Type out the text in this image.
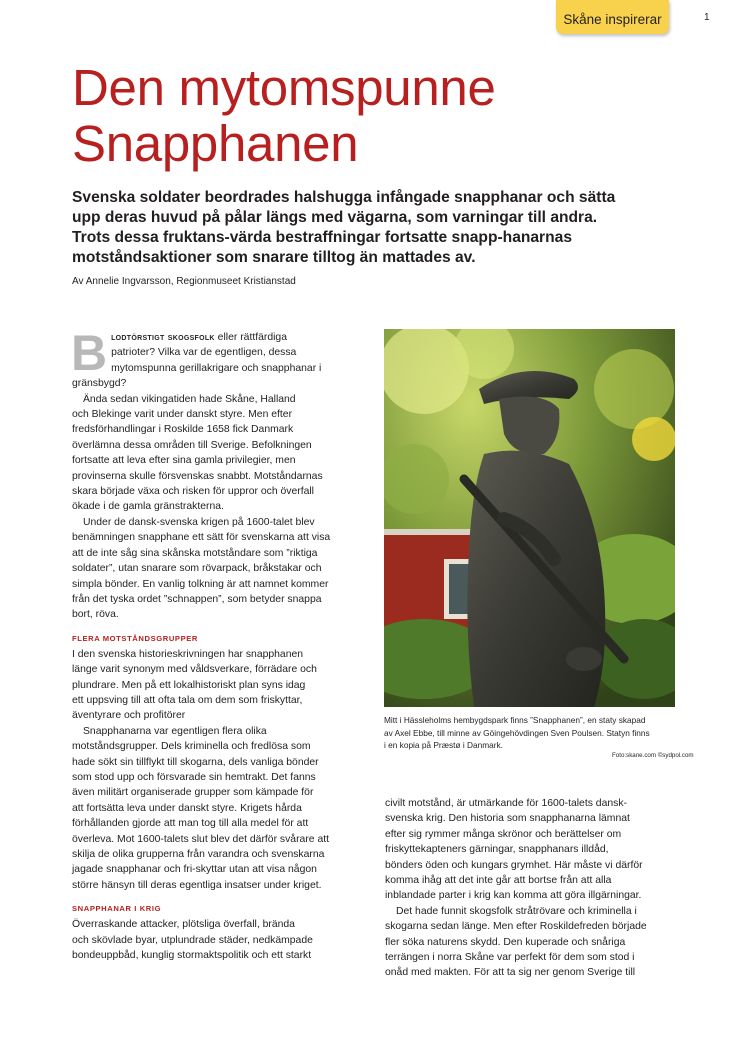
Skåne inspirerar	1
Den mytomspunne
Snapphanen

Svenska soldater beordrades halshugga infångade snapphanar och sätta
upp deras huvud på pålar längs med vägarna, som varningar till andra.
Trots dessa fruktans-värda bestraffningar fortsatte snapp-hanarnas
motståndsaktioner som snarare tilltog än mattades av.

Av Annelie Ingvarsson, Regionmuseet Kristianstad

B lodtörstigt skogsfolk eller rättfärdiga
patrioter? Vilka var de egentligen, dessa
mytomspunna gerillakrigare och snapphanar i
gränsbygd?

Ända sedan vikingatiden hade Skåne, Halland
och Blekinge varit under danskt styre. Men efter
fredsförhandlingar i Roskilde 1658 fick Danmark
överlämna dessa områden till Sverige. Befolkningen
fortsatte att leva efter sina gamla privilegier, men
provinserna skulle försvenskas snabbt. Motståndarnas
skara började växa och risken för uppror och överfall
ökade i de gamla gränstrakterna.

Under de dansk-svenska krigen på 1600-talet blev
benämningen snapphane ett sätt för svenskarna att visa
att de inte såg sina skånska motståndare som ”riktiga
soldater”, utan snarare som rövarpack, bråkstakar och
simpla bönder. En vanlig tolkning är att namnet kommer
från det tyska ordet ”schnappen”, som betyder snappa
bort, röva.

FLERA MOTSTÅNDSGRUPPER

I den svenska historieskrivningen har snapphanen
länge varit synonym med våldsverkare, förrädare och
plundrare. Men på ett lokalhistoriskt plan syns idag
ett uppsving till att ofta tala om dem som friskyttar,
äventyrare och profitörer

Snapphanarna var egentligen flera olika
motståndsgrupper. Dels kriminella och fredlösa som
hade sökt sin tillflykt till skogarna, dels vanliga bönder
som stod upp och försvarade sin hemtrakt. Det fanns
även militärt organiserade grupper som kämpade för
att fortsätta leva under danskt styre. Krigets hårda
förhållanden gjorde att man tog till alla medel för att
överleva. Mot 1600-talets slut blev det därför svårare att
skilja de olika grupperna från varandra och svenskarna
jagade snapphanar och fri-skyttar utan att visa någon
större hänsyn till deras egentliga insatser under kriget.

SNAPPHANAR I KRIG

Överraskande attacker, plötsliga överfall, brända
och skövlade byar, utplundrade städer, nedkämpade
bondeuppbåd, kunglig stormaktspolitik och ett starkt

Mitt i Hässleholms hembygdspark finns ”Snapphanen”, en staty skapad
av Axel Ebbe, till minne av Göingehövdingen Sven Poulsen. Statyn finns
i en kopia på Præstø i Danmark.
Foto:skane.com ©sydpol.com

civilt motstånd, är utmärkande för 1600-talets dansk-
svenska krig. Den historia som snapphanarna lämnat
efter sig rymmer många skrönor och berättelser om
friskyttekapteners gärningar, snapphanars illdåd,
bönders öden och kungars grymhet. Här måste vi därför
komma ihåg att det inte går att bortse från att alla
inblandade parter i krig kan komma att göra illgärningar.

Det hade funnit skogsfolk stråtrövare och kriminella i
skogarna sedan länge. Men efter Roskildefreden började
fler söka naturens skydd. Den kuperade och snåriga
terrängen i norra Skåne var perfekt för dem som stod i
onåd med makten. För att ta sig ner genom Sverige till
